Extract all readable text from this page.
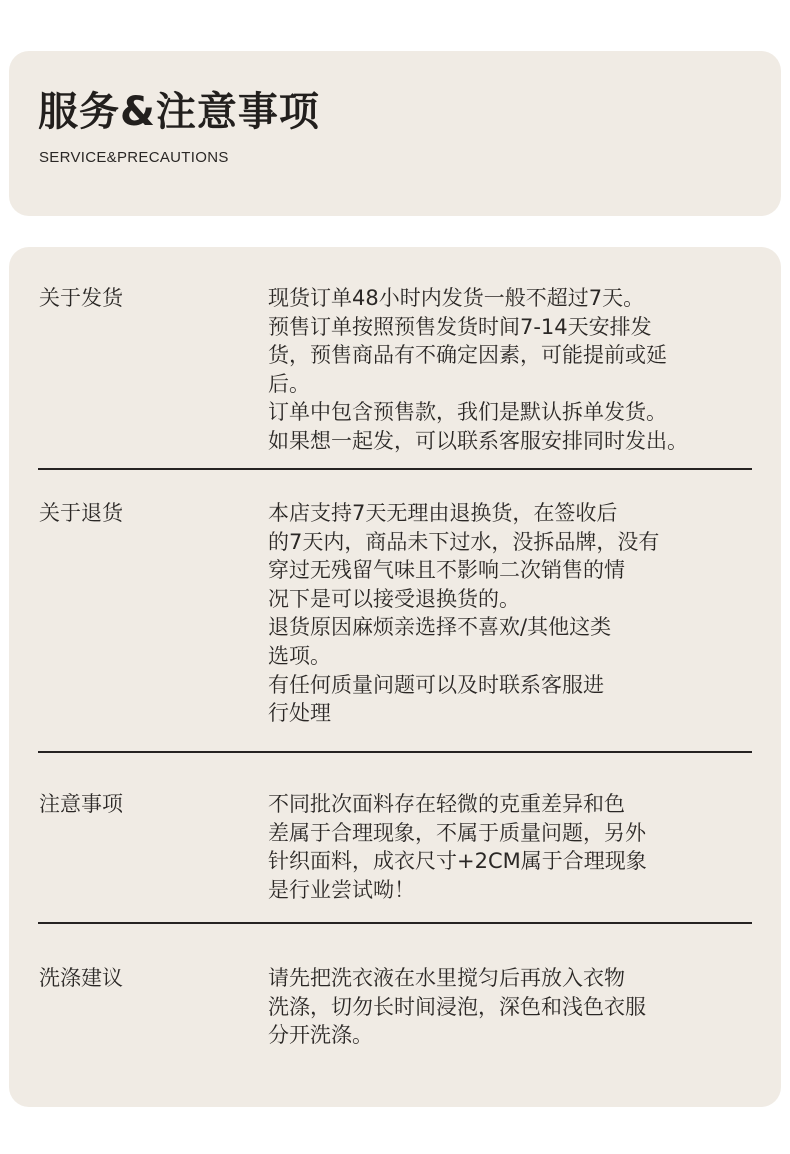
服务&注意事项

SERVICE&PRECAUTIONS

关于发货	现货订单48小时内发货一般不超过7天。
预售订单按照预售发货时间7-14天安排发
货，预售商品有不确定因素，可能提前或延
后。
订单中包含预售款，我们是默认拆单发货。
如果想一起发，可以联系客服安排同时发出。
关于退货	本店支持7天无理由退换货，在签收后
的7天内，商品未下过水，没拆品牌，没有
穿过无残留气味且不影响二次销售的情
况下是可以接受退换货的。
退货原因麻烦亲选择不喜欢/其他这类
选项。
有任何质量问题可以及时联系客服进
行处理
注意事项	不同批次面料存在轻微的克重差异和色
差属于合理现象，不属于质量问题，另外
针织面料，成衣尺寸+2CM属于合理现象
是行业尝试呦！
洗涤建议	请先把洗衣液在水里搅匀后再放入衣物
洗涤，切勿长时间浸泡，深色和浅色衣服
分开洗涤。
